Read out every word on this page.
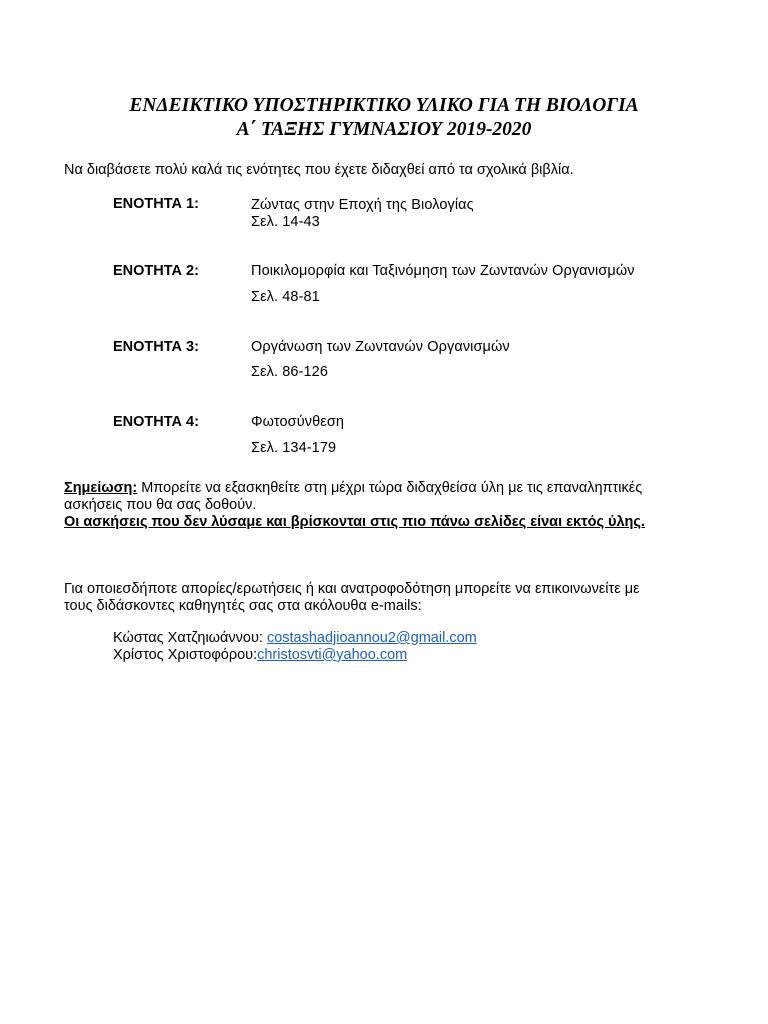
ΕΝΔΕΙΚΤΙΚΟ ΥΠΟΣΤΗΡΙΚΤΙΚΟ ΥΛΙΚΟ ΓΙΑ ΤΗ ΒΙΟΛΟΓΙΑ
Α΄ ΤΑΞΗΣ ΓΥΜΝΑΣΙΟΥ 2019-2020
Να διαβάσετε πολύ καλά τις ενότητες που έχετε διδαχθεί από τα σχολικά βιβλία.
ΕΝΟΤΗΤΑ 1:	Ζώντας στην Εποχή της Βιολογίας
Σελ. 14-43
ΕΝΟΤΗΤΑ 2:	Ποικιλομορφία και Ταξινόμηση των Ζωντανών Οργανισμών
Σελ. 48-81
ΕΝΟΤΗΤΑ 3:	Οργάνωση των Ζωντανών Οργανισμών
Σελ. 86-126
ΕΝΟΤΗΤΑ 4:	Φωτοσύνθεση
Σελ. 134-179
Σημείωση: Μπορείτε να εξασκηθείτε στη μέχρι τώρα διδαχθείσα ύλη με τις επαναληπτικές
ασκήσεις που θα σας δοθούν.
Οι ασκήσεις που δεν λύσαμε και βρίσκονται στις πιο πάνω σελίδες είναι εκτός ύλης.
Για οποιεσδήποτε απορίες/ερωτήσεις ή και ανατροφοδότηση μπορείτε να επικοινωνείτε με
τους διδάσκοντες καθηγητές σας στα ακόλουθα e-mails:
Κώστας Χατζηιωάννου: costashadjioannou2@gmail.com
Χρίστος Χριστοφόρου:christosvti@yahoo.com
